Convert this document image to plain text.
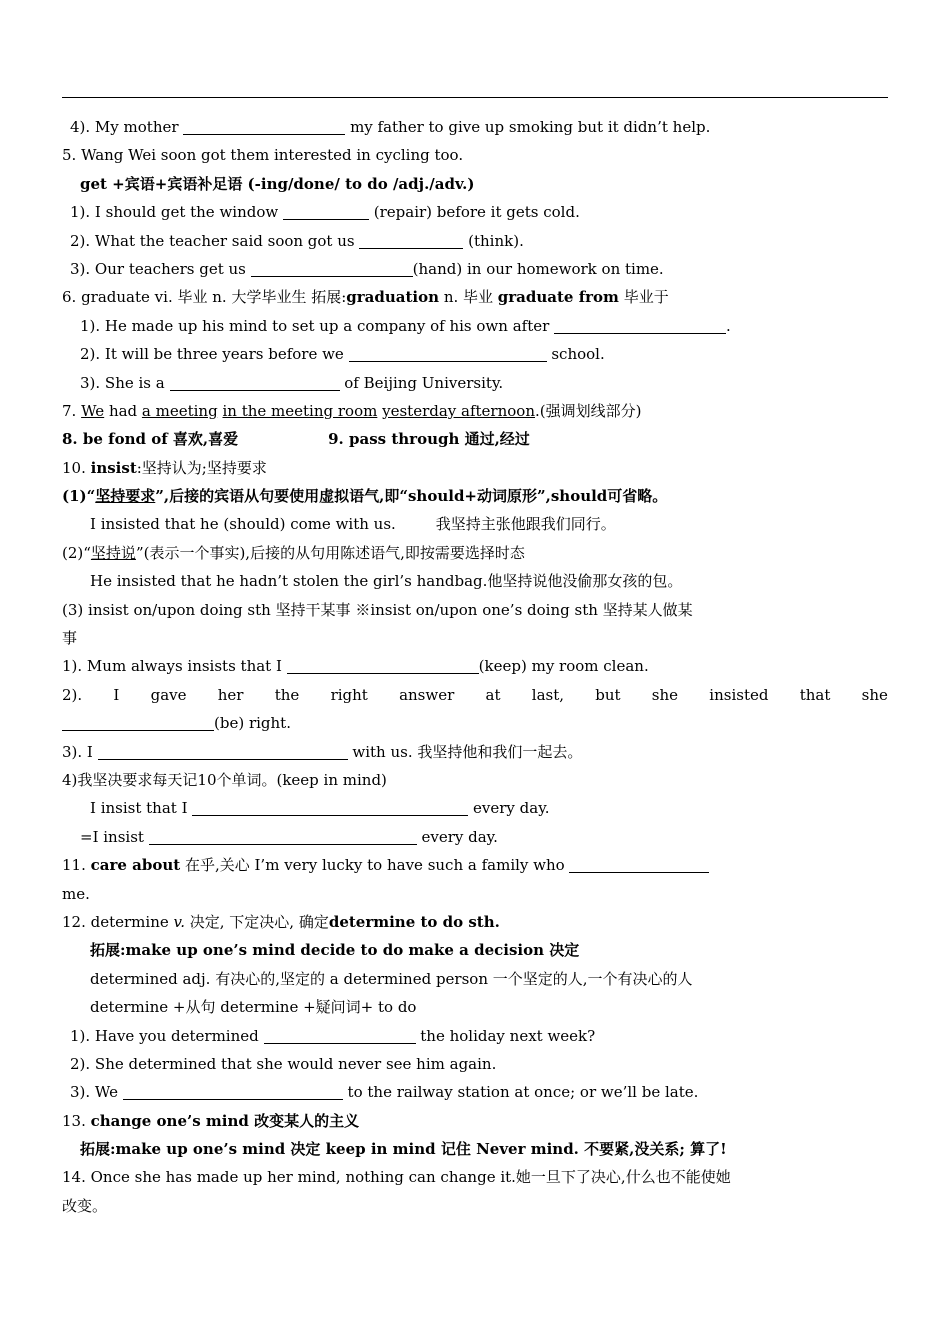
4). My mother	my father to give up smoking but it didn’t help.
5. Wang Wei soon got them interested in cycling too.
get +宾语+宾语补足语 (-ing/done/ to do /adj./adv.)
1). I should get the window	(repair) before it gets cold.
2). What the teacher said soon got us	(think).
3). Our teachers get us	(hand) in our homework on time.
6. graduate vi. 毕业 n. 大学毕业生 拓展:graduation n. 毕业 graduate from 毕业于
1). He made up his mind to set up a company of his own after	.
2). It will be three years before we	school.
3). She is a	of Beijing University.
7. We had a meeting in the meeting room yesterday afternoon.(强调划线部分)
8. be fond of 喜欢,喜爱	9. pass through 通过,经过
10. insist:坚持认为;坚持要求
(1)“坚持要求”,后接的宾语从句要使用虚拟语气,即“should+动词原形”,should可省略。
I insisted that he (should) come with us.	我坚持主张他跟我们同行。
(2)“坚持说”(表示一个事实),后接的从句用陈述语气,即按需要选择时态
He insisted that he hadn’t stolen the girl’s handbag.他坚持说他没偷那女孩的包。
(3) insist on/upon doing sth 坚持干某事 ※insist on/upon one’s doing sth 坚持某人做某
事
1). Mum always insists that I	(keep) my room clean.
2). I gave her the right answer at last, but she insisted that she
(be) right.
3). I	with us. 我坚持他和我们一起去。
4)我坚决要求每天记10个单词。(keep in mind)
I insist that I	every day.
=I insist	every day.
11. care about 在乎,关心 I’m very lucky to have such a family who
me.
12. determine v. 决定, 下定决心, 确定determine to do sth.
拓展:make up one’s mind decide to do make a decision 决定
determined adj. 有决心的,坚定的 a determined person 一个坚定的人,一个有决心的人
determine +从句 determine +疑问词+ to do
1). Have you determined	the holiday next week?
2). She determined that she would never see him again.
3). We	to the railway station at once; or we’ll be late.
13. change one’s mind 改变某人的主义
拓展:make up one’s mind 决定 keep in mind 记住 Never mind. 不要紧,没关系; 算了!
14. Once she has made up her mind, nothing can change it.她一旦下了决心,什么也不能使她
改变。
